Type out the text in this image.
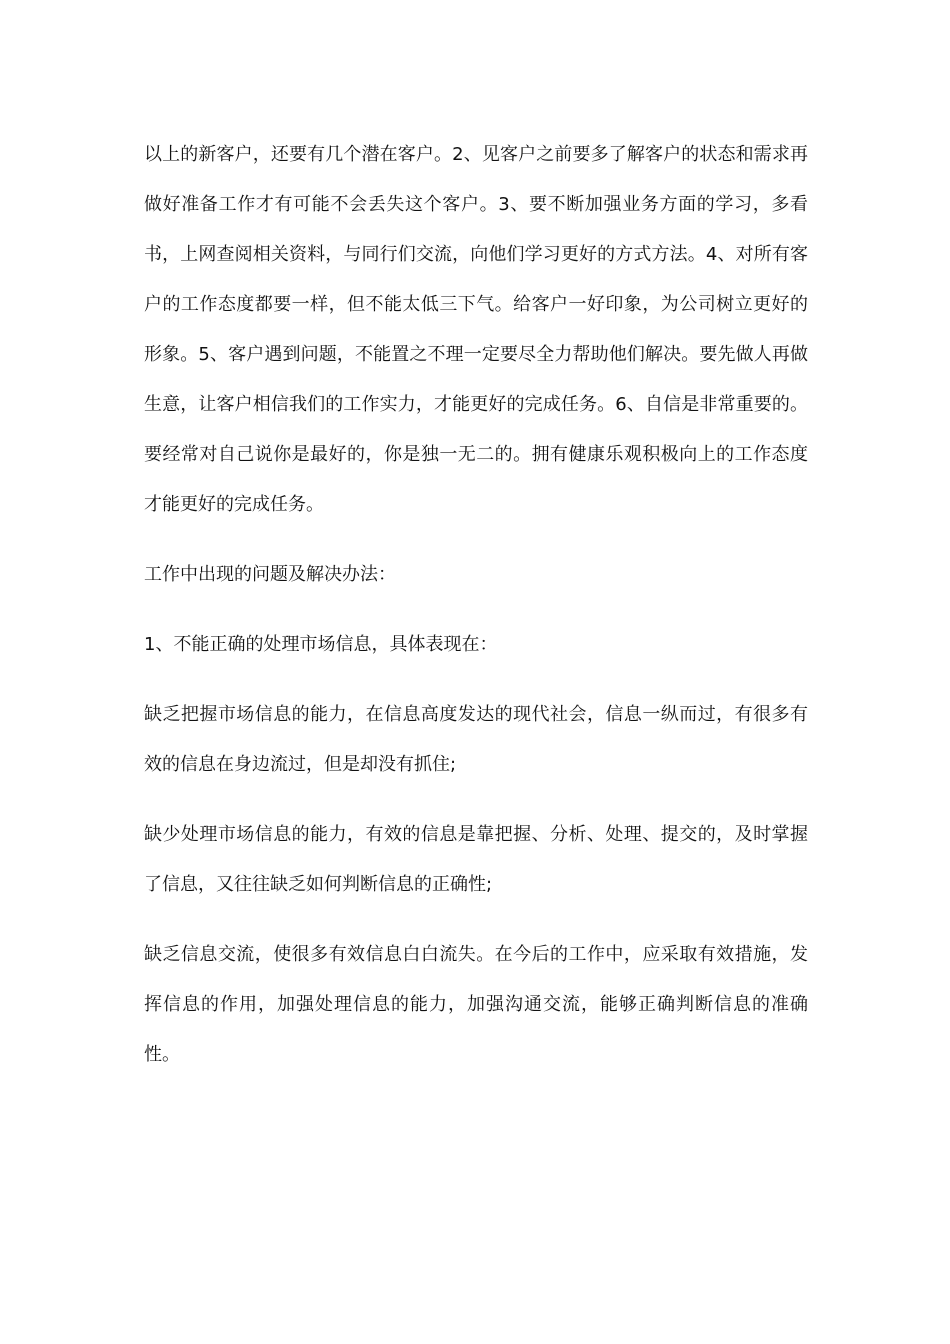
以上的新客户，还要有几个潜在客户。2、见客户之前要多了解客户的状态和需求再做好准备工作才有可能不会丢失这个客户。3、要不断加强业务方面的学习，多看书，上网查阅相关资料，与同行们交流，向他们学习更好的方式方法。4、对所有客户的工作态度都要一样，但不能太低三下气。给客户一好印象，为公司树立更好的形象。5、客户遇到问题，不能置之不理一定要尽全力帮助他们解决。要先做人再做生意，让客户相信我们的工作实力，才能更好的完成任务。6、自信是非常重要的。要经常对自己说你是最好的，你是独一无二的。拥有健康乐观积极向上的工作态度才能更好的完成任务。

工作中出现的问题及解决办法：

1、不能正确的处理市场信息，具体表现在：

缺乏把握市场信息的能力，在信息高度发达的现代社会，信息一纵而过，有很多有效的信息在身边流过，但是却没有抓住;

缺少处理市场信息的能力，有效的信息是靠把握、分析、处理、提交的，及时掌握了信息，又往往缺乏如何判断信息的正确性;

缺乏信息交流，使很多有效信息白白流失。在今后的工作中，应采取有效措施，发挥信息的作用，加强处理信息的能力，加强沟通交流，能够正确判断信息的准确性。
